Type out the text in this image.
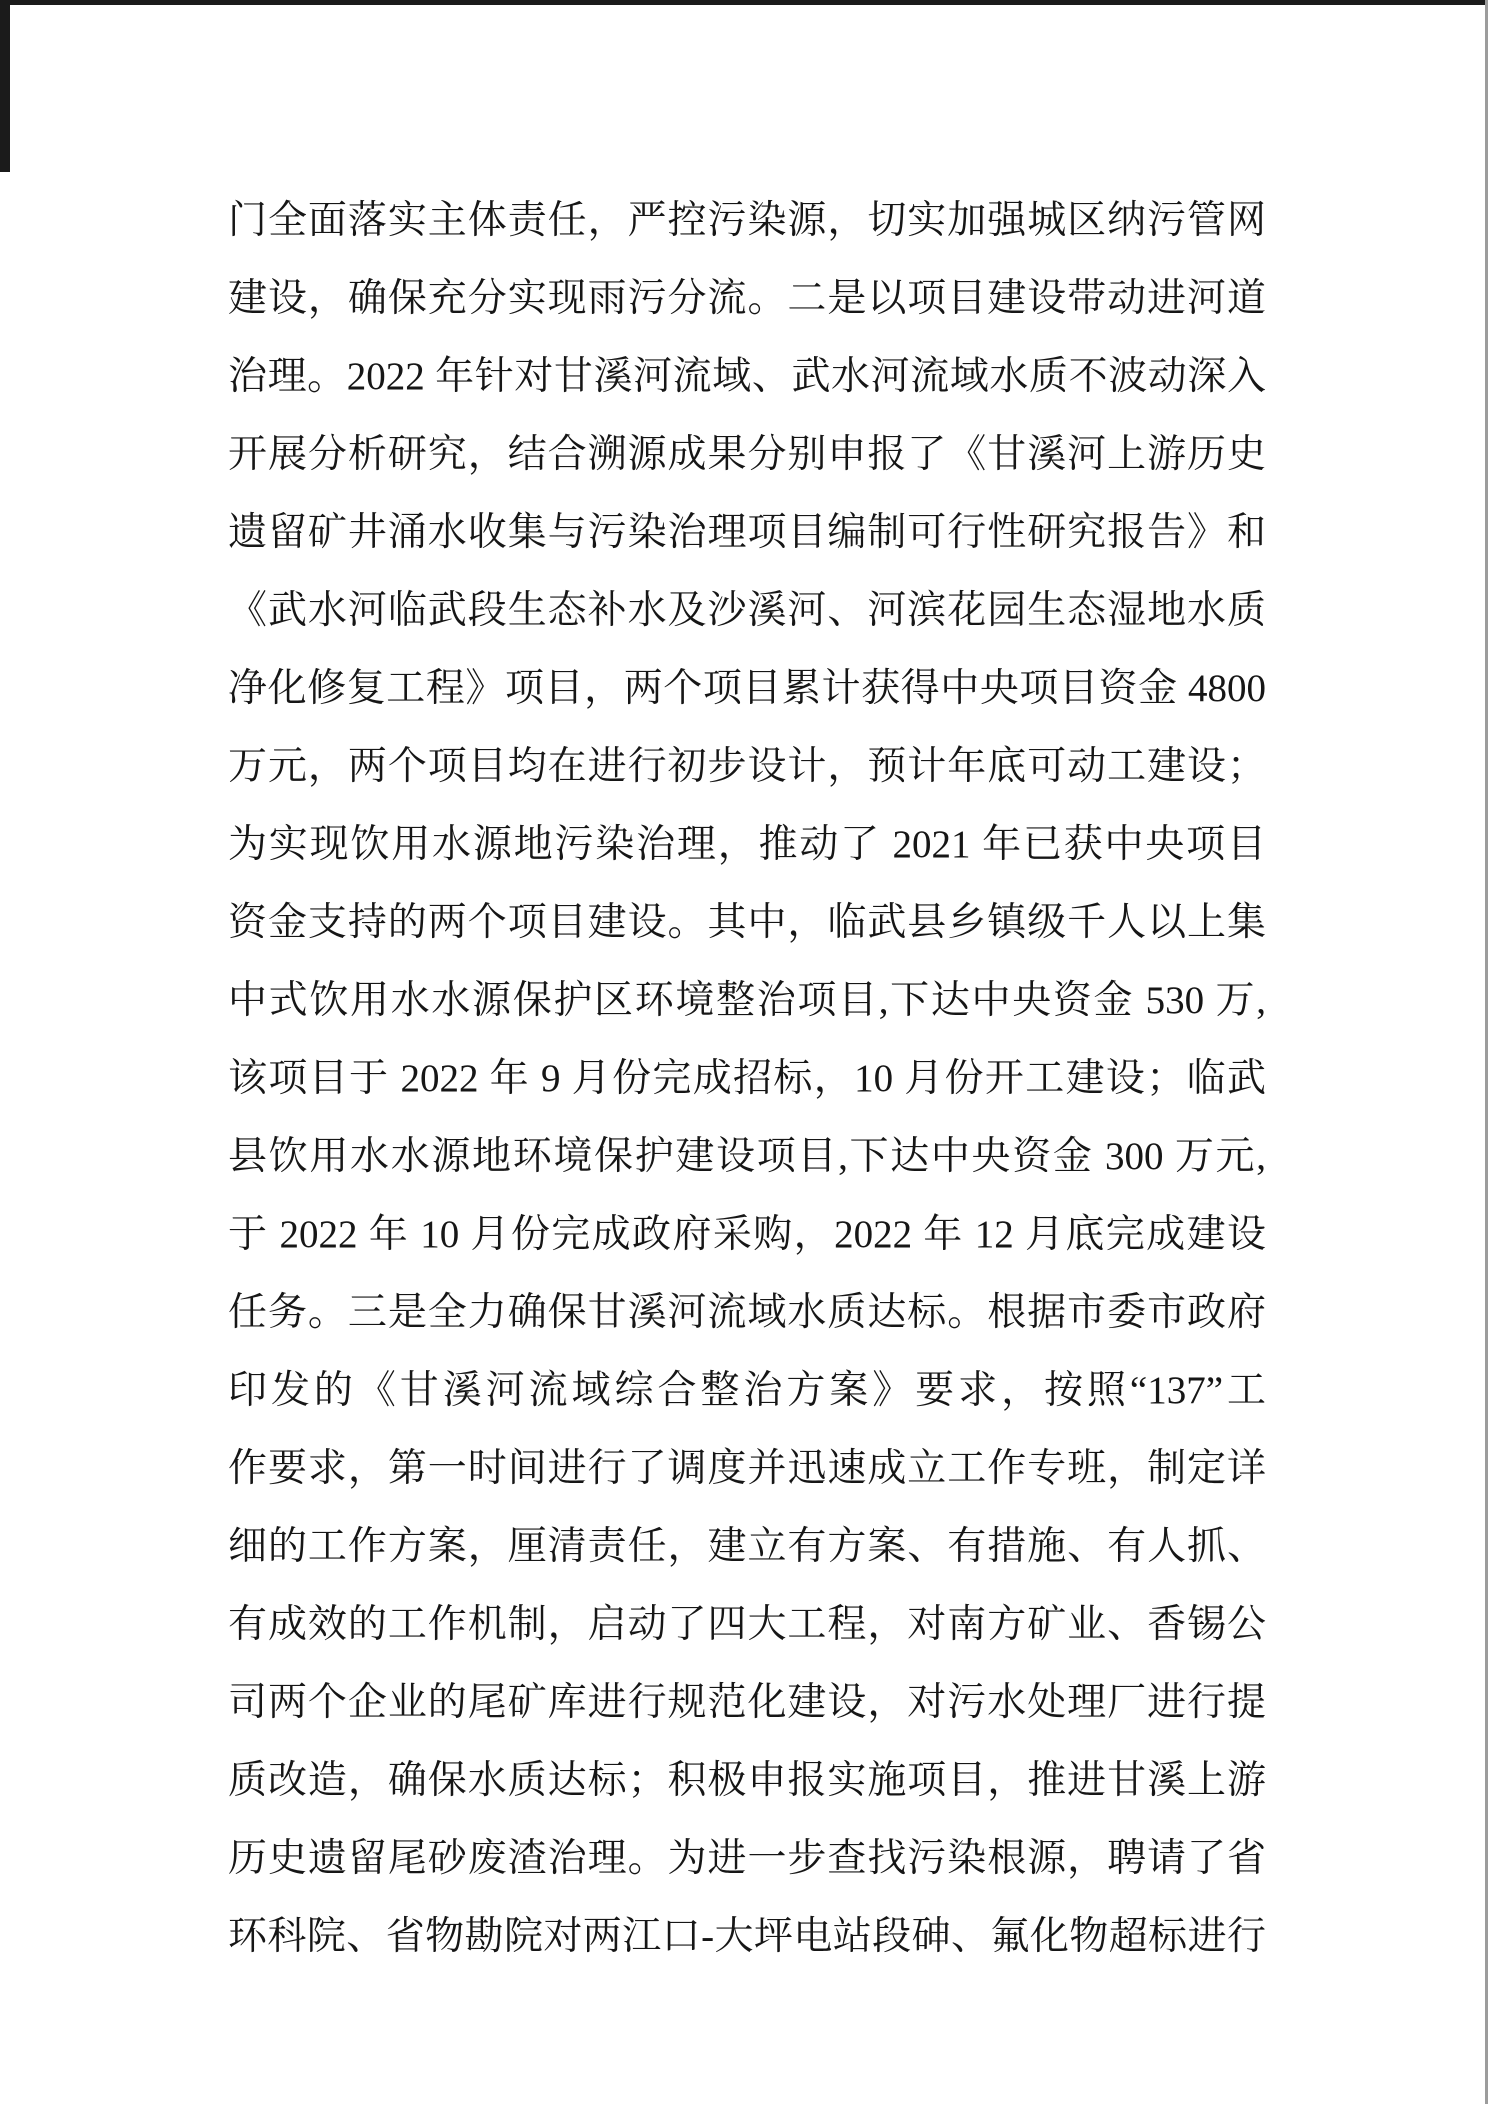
门全面落实主体责任，严控污染源，切实加强城区纳污管网
建设，确保充分实现雨污分流。二是以项目建设带动进河道
治理。2022 年针对甘溪河流域、武水河流域水质不波动深入
开展分析研究，结合溯源成果分别申报了《甘溪河上游历史
遗留矿井涌水收集与污染治理项目编制可行性研究报告》和
《武水河临武段生态补水及沙溪河、河滨花园生态湿地水质
净化修复工程》项目，两个项目累计获得中央项目资金 4800
万元，两个项目均在进行初步设计，预计年底可动工建设；
为实现饮用水源地污染治理，推动了 2021 年已获中央项目
资金支持的两个项目建设。其中，临武县乡镇级千人以上集
中式饮用水水源保护区环境整治项目,下达中央资金 530 万,
该项目于 2022 年 9 月份完成招标，10 月份开工建设；临武
县饮用水水源地环境保护建设项目,下达中央资金 300 万元,
于 2022 年 10 月份完成政府采购，2022 年 12 月底完成建设
任务。三是全力确保甘溪河流域水质达标。根据市委市政府
印发的《甘溪河流域综合整治方案》要求，按照“137”工
作要求，第一时间进行了调度并迅速成立工作专班，制定详
细的工作方案，厘清责任，建立有方案、有措施、有人抓、
有成效的工作机制，启动了四大工程，对南方矿业、香锡公
司两个企业的尾矿库进行规范化建设，对污水处理厂进行提
质改造，确保水质达标；积极申报实施项目，推进甘溪上游
历史遗留尾砂废渣治理。为进一步查找污染根源，聘请了省
环科院、省物勘院对两江口-大坪电站段砷、氟化物超标进行
